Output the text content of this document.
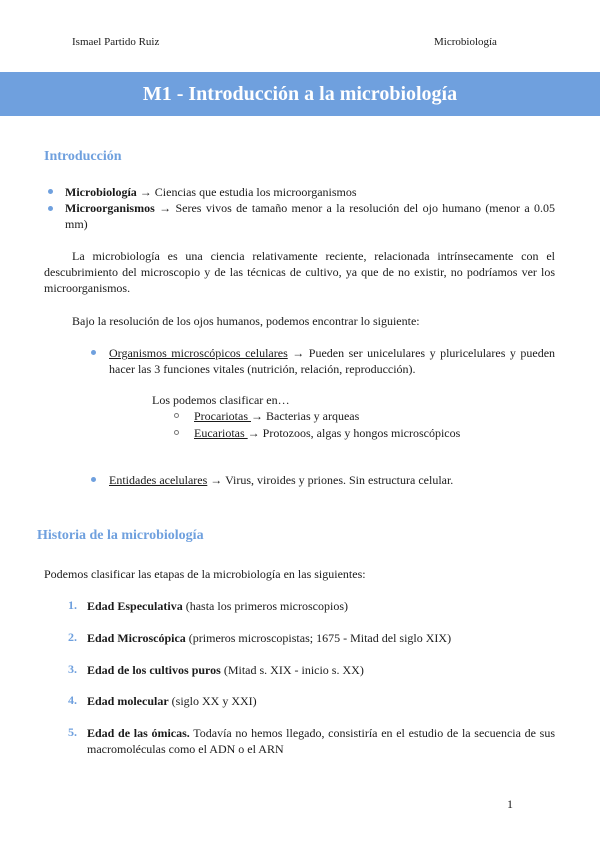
Ismael Partido Ruiz	Microbiología
M1 - Introducción a la microbiología
Introducción
Microbiología → Ciencias que estudia los microorganismos
Microorganismos → Seres vivos de tamaño menor a la resolución del ojo humano (menor a 0.05 mm)
La microbiología es una ciencia relativamente reciente, relacionada intrínsecamente con el descubrimiento del microscopio y de las técnicas de cultivo, ya que de no existir, no podríamos ver los microorganismos.
Bajo la resolución de los ojos humanos, podemos encontrar lo siguiente:
Organismos microscópicos celulares → Pueden ser unicelulares y pluricelulares y pueden hacer las 3 funciones vitales (nutrición, relación, reproducción).
Los podemos clasificar en…
Procariotas → Bacterias y arqueas
Eucariotas → Protozoos, algas y hongos microscópicos
Entidades acelulares → Virus, viroides y priones. Sin estructura celular.
Historia de la microbiología
Podemos clasificar las etapas de la microbiología en las siguientes:
1. Edad Especulativa (hasta los primeros microscopios)
2. Edad Microscópica (primeros microscopistas; 1675 - Mitad del siglo XIX)
3. Edad de los cultivos puros (Mitad s. XIX - inicio s. XX)
4. Edad molecular (siglo XX y XXI)
5. Edad de las ómicas. Todavía no hemos llegado, consistiría en el estudio de la secuencia de sus macromoléculas como el ADN o el ARN
1
